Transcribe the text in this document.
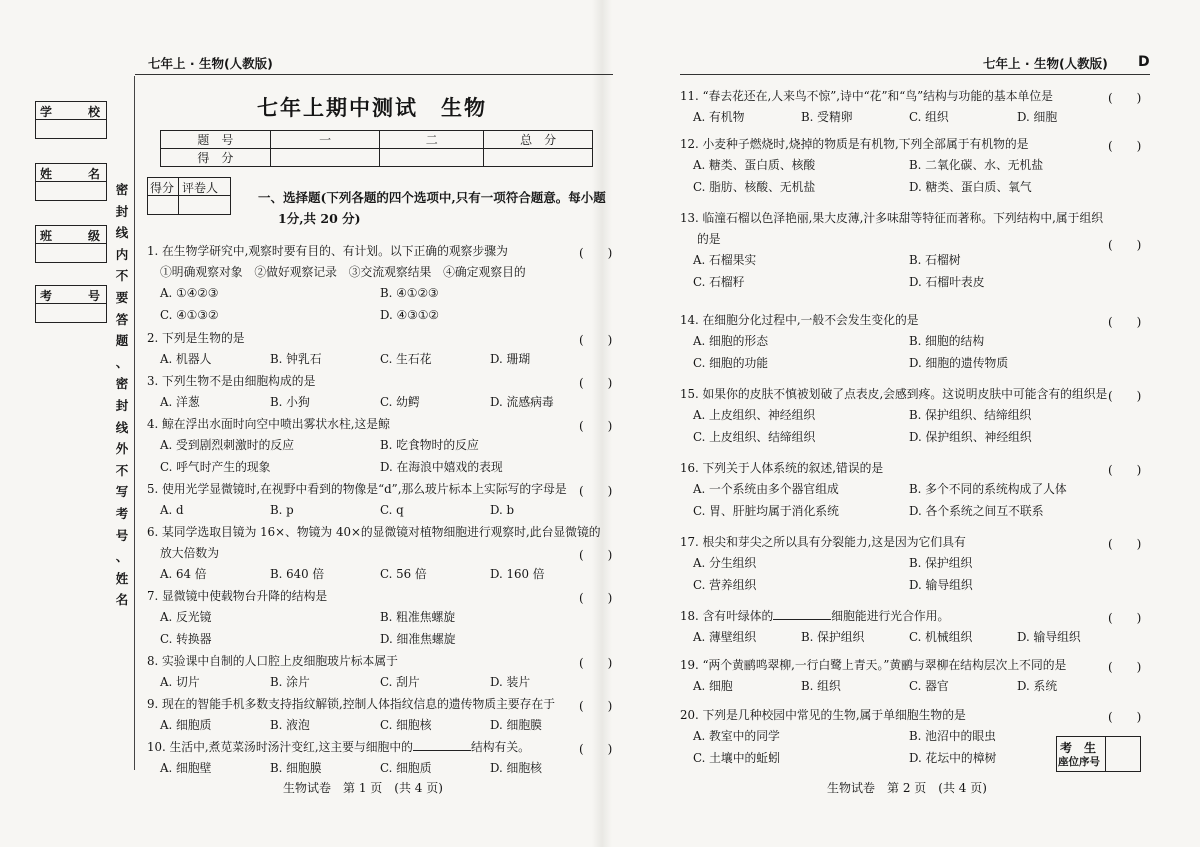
七年上 · 生物(人教版)	七年上 · 生物(人教版) D
学	校
姓	名
班	级
考	号
密
封
线
内
不
要
答
题
、
密
封
线
外
不
写
考
号
、
姓
名
七年上期中测试　生物
题　号	一	二	总　分
得　分			
得分 评卷人
一、选择题(下列各题的四个选项中,只有一项符合题意。每小题
1分,共 20 分)
1. 在生物学研究中,观察时要有目的、有计划。以下正确的观察步骤为	(　　)
①明确观察对象　②做好观察记录　③交流观察结果　④确定观察目的
A. ①④②③	B. ④①②③
C. ④①③②	D. ④③①②
2. 下列是生物的是	(　　)
A. 机器人	B. 钟乳石	C. 生石花	D. 珊瑚
3. 下列生物不是由细胞构成的是	(　　)
A. 洋葱	B. 小狗	C. 幼鳄	D. 流感病毒
4. 鲸在浮出水面时向空中喷出雾状水柱,这是鲸	(　　)
A. 受到剧烈刺激时的反应	B. 吃食物时的反应
C. 呼气时产生的现象	D. 在海浪中嬉戏的表现
5. 使用光学显微镜时,在视野中看到的物像是“d”,那么玻片标本上实际写的字母是 (　　)
A. d	B. p	C. q	D. b
6. 某同学选取目镜为 16×、物镜为 40×的显微镜对植物细胞进行观察时,此台显微镜的
(　　)
放大倍数为
A. 64 倍	B. 640 倍	C. 56 倍	D. 160 倍
7. 显微镜中使载物台升降的结构是	(　　)
A. 反光镜	B. 粗准焦螺旋
C. 转换器	D. 细准焦螺旋
8. 实验课中自制的人口腔上皮细胞玻片标本属于	(　　)
A. 切片	B. 涂片	C. 刮片	D. 装片
9. 现在的智能手机多数支持指纹解锁,控制人体指纹信息的遗传物质主要存在于 (　　)
A. 细胞质	B. 液泡	C. 细胞核	D. 细胞膜
10. 生活中,煮苋菜汤时汤汁变红,这主要与细胞中的	结构有关。	(　　)
A. 细胞壁	B. 细胞膜	C. 细胞质	D. 细胞核
11. “春去花还在,人来鸟不惊”,诗中“花”和“鸟”结构与功能的基本单位是	(　　)
A. 有机物	B. 受精卵	C. 组织	D. 细胞
12. 小麦种子燃烧时,烧掉的物质是有机物,下列全部属于有机物的是	(　　)
A. 糖类、蛋白质、核酸	B. 二氧化碳、水、无机盐
C. 脂肪、核酸、无机盐	D. 糖类、蛋白质、氧气
13. 临潼石榴以色泽艳丽,果大皮薄,汁多味甜等特征而著称。下列结构中,属于组织
(　　)
的是
A. 石榴果实	B. 石榴树
C. 石榴籽	D. 石榴叶表皮
14. 在细胞分化过程中,一般不会发生变化的是	(　　)
A. 细胞的形态	B. 细胞的结构
C. 细胞的功能	D. 细胞的遗传物质
15. 如果你的皮肤不慎被划破了点表皮,会感到疼。这说明皮肤中可能含有的组织是 (　　)
A. 上皮组织、神经组织	B. 保护组织、结缔组织
C. 上皮组织、结缔组织	D. 保护组织、神经组织
16. 下列关于人体系统的叙述,错误的是	(　　)
A. 一个系统由多个器官组成	B. 多个不同的系统构成了人体
C. 胃、肝脏均属于消化系统	D. 各个系统之间互不联系
17. 根尖和芽尖之所以具有分裂能力,这是因为它们具有	(　　)
A. 分生组织	B. 保护组织
C. 营养组织	D. 输导组织
18. 含有叶绿体的	细胞能进行光合作用。	(　　)
A. 薄壁组织	B. 保护组织	C. 机械组织	D. 输导组织
19. “两个黄鹂鸣翠柳,一行白鹭上青天。”黄鹂与翠柳在结构层次上不同的是	(　　)
A. 细胞	B. 组织	C. 器官	D. 系统
20. 下列是几种校园中常见的生物,属于单细胞生物的是	(　　)
A. 教室中的同学	B. 池沼中的眼虫
C. 土壤中的蚯蚓	D. 花坛中的樟树
考　生
座位序号
生物试卷　第 1 页　(共 4 页)	生物试卷　第 2 页　(共 4 页)
